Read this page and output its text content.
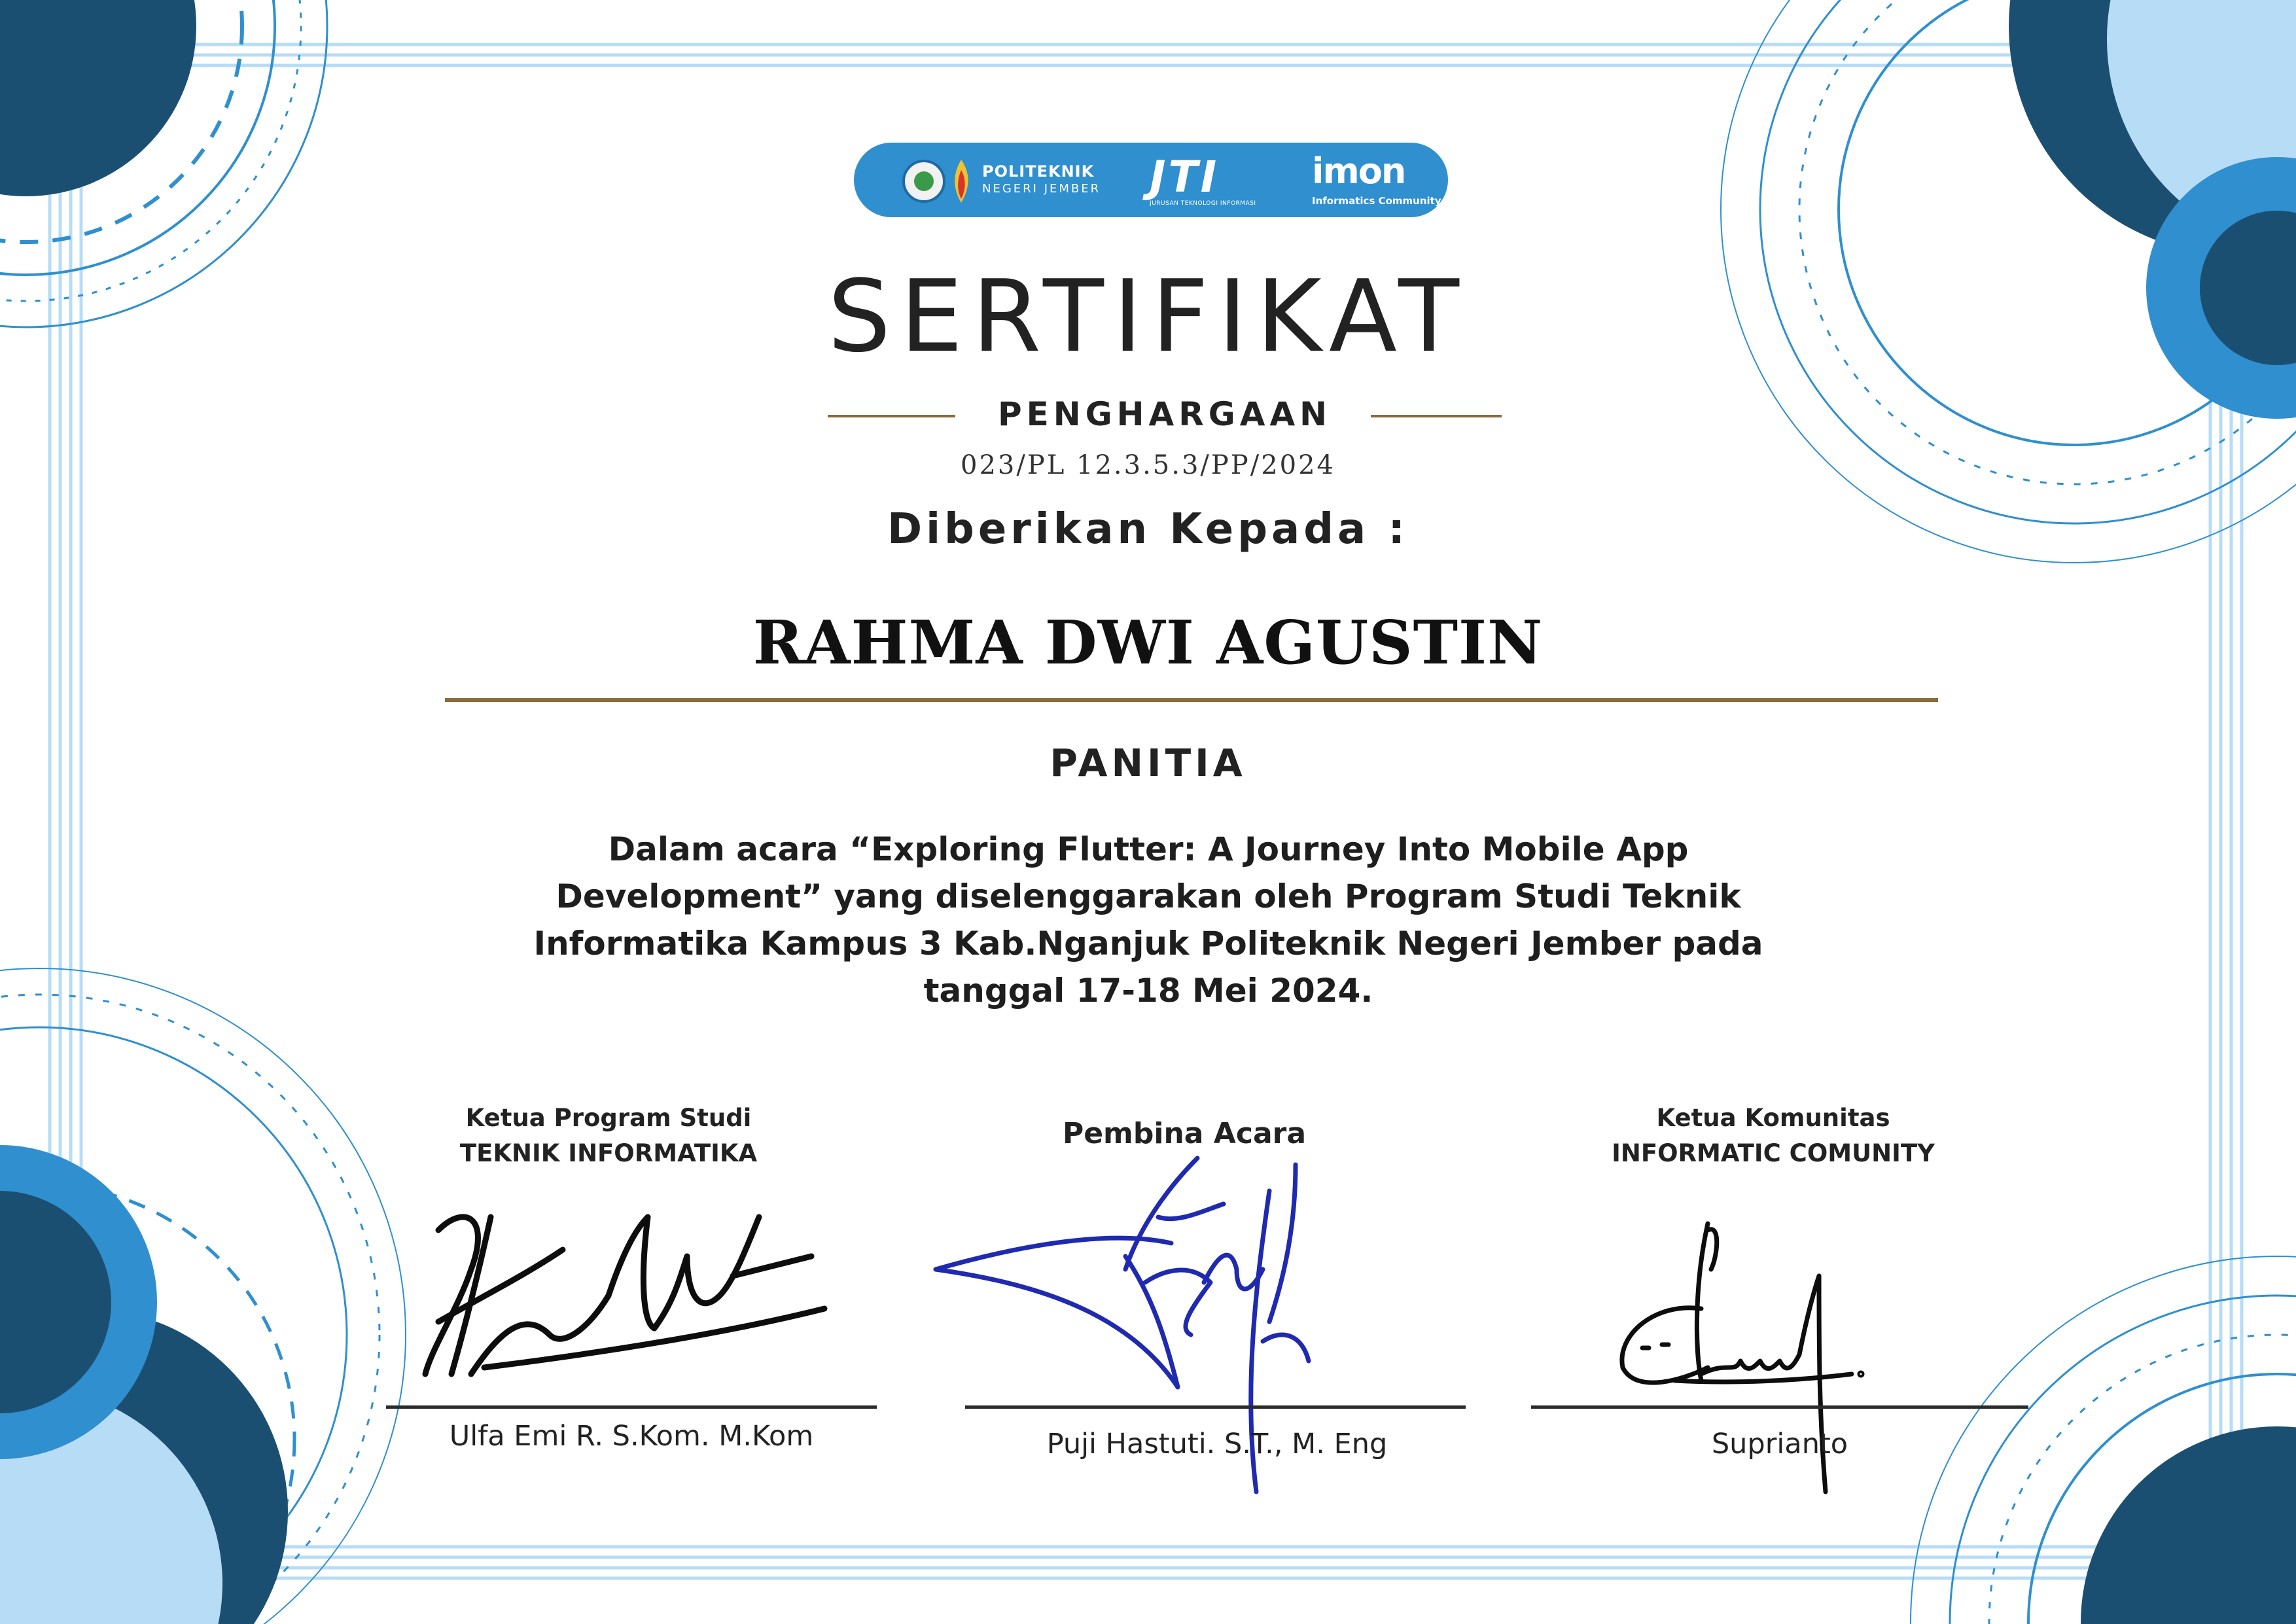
POLITEKNIK
NEGERI JEMBER JTI
JURUSAN TEKNOLOGI INFORMASI
imon
Informatics Community
SERTIFIKAT
PENGHARGAAN
023/PL 12.3.5.3/PP/2024
Diberikan Kepada :
RAHMA DWI AGUSTIN
PANITIA
Dalam acara “Exploring Flutter: A Journey Into Mobile App Development” yang diselenggarakan oleh Program Studi Teknik Informatika Kampus 3 Kab.Nganjuk Politeknik Negeri Jember pada tanggal 17-18 Mei 2024.
Ketua Program Studi
TEKNIK INFORMATIKA
Ulfa Emi R. S.Kom. M.Kom
Pembina Acara
Puji Hastuti. S.T., M. Eng
Ketua Komunitas
INFORMATIC COMUNITY
Suprianto
